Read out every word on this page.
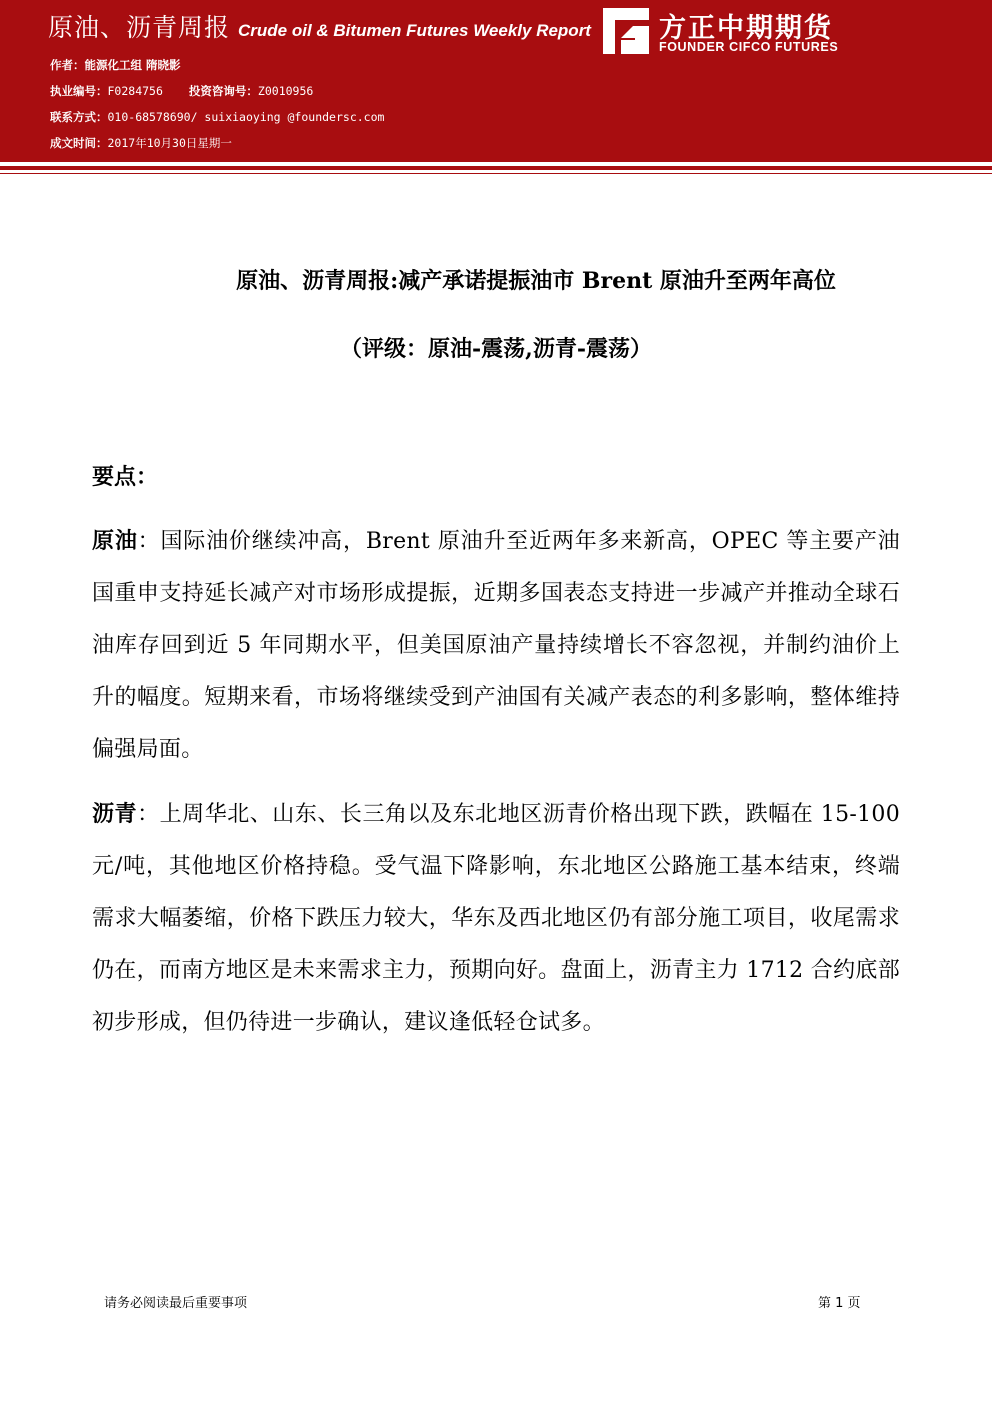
原油、沥青周报 Crude oil & Bitumen Futures Weekly Report	方正中期期货
FOUNDER CIFCO FUTURES
作者：能源化工组 隋晓影
执业编号：F0284756 投资咨询号：Z0010956
联系方式：010-68578690/ suixiaoying @foundersc.com
成文时间：2017年10月30日星期一
原油、沥青周报:减产承诺提振油市 Brent 原油升至两年高位
（评级：原油-震荡,沥青-震荡）
要点：
原油：国际油价继续冲高，Brent 原油升至近两年多来新高，OPEC 等主要产油国重申支持延长减产对市场形成提振，近期多国表态支持进一步减产并推动全球石油库存回到近 5 年同期水平，但美国原油产量持续增长不容忽视，并制约油价上升的幅度。短期来看，市场将继续受到产油国有关减产表态的利多影响，整体维持偏强局面。
沥青：上周华北、山东、长三角以及东北地区沥青价格出现下跌，跌幅在 15-100 元/吨，其他地区价格持稳。受气温下降影响，东北地区公路施工基本结束，终端需求大幅萎缩，价格下跌压力较大，华东及西北地区仍有部分施工项目，收尾需求仍在，而南方地区是未来需求主力，预期向好。盘面上，沥青主力 1712 合约底部初步形成，但仍待进一步确认，建议逢低轻仓试多。
请务必阅读最后重要事项	第 1 页
